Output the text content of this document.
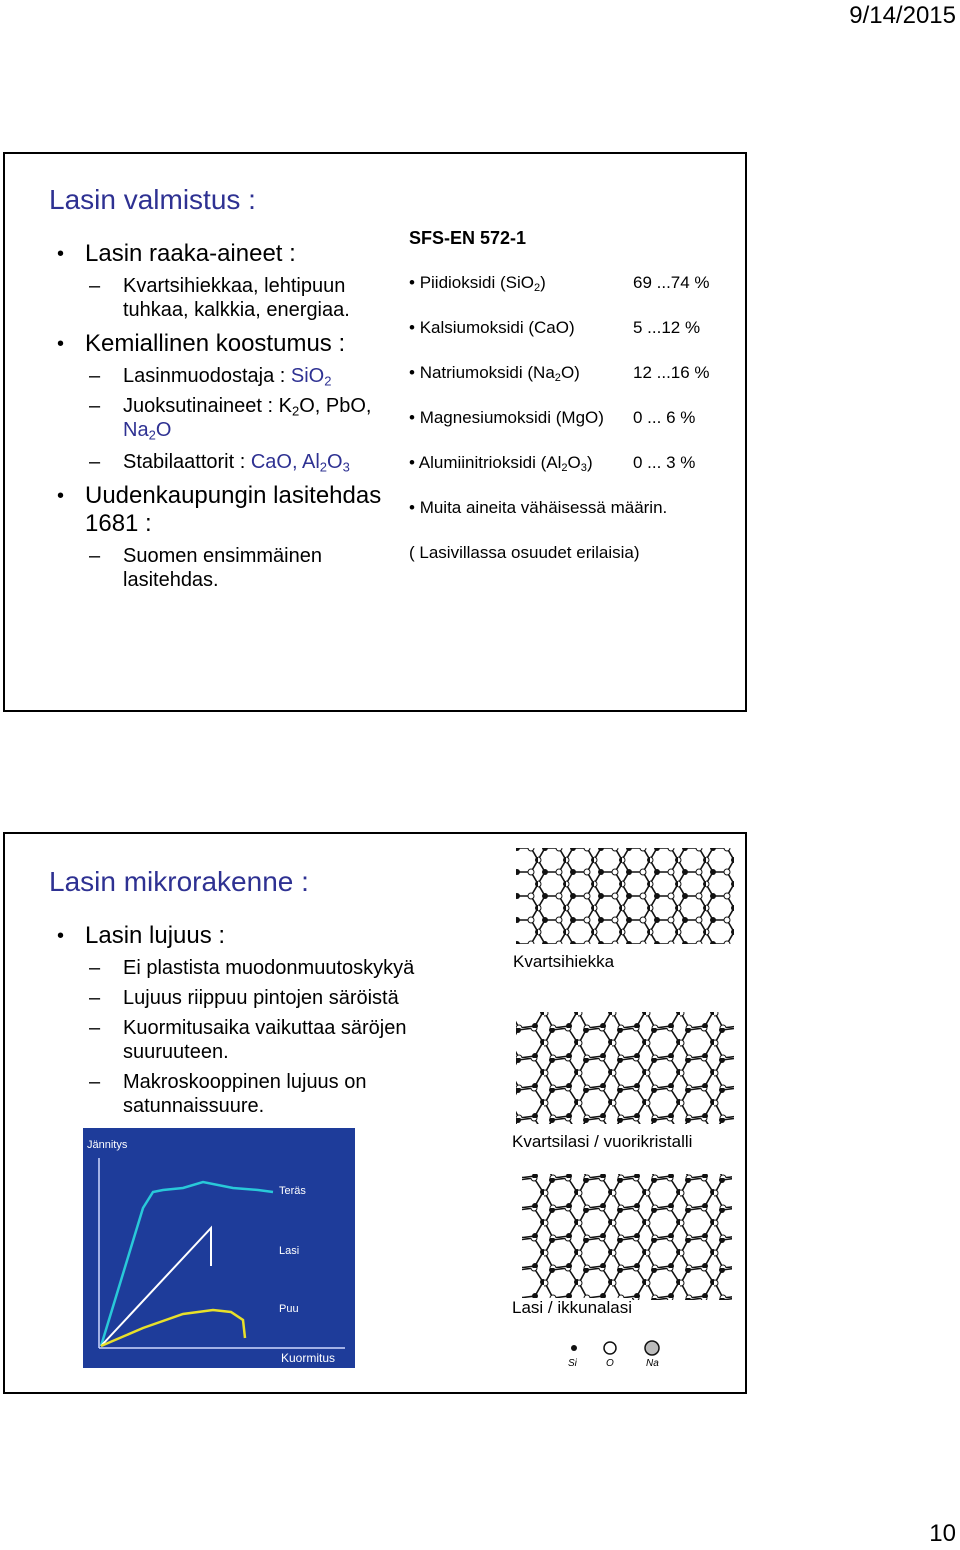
9/14/2015
Lasin valmistus :
• Lasin raaka-aineet :
– Kvartsihiekkaa, lehtipuun
tuhkaa, kalkkia, energiaa.
• Kemiallinen koostumus :
– Lasinmuodostaja : SiO$_2$
– Juoksutinaineet : $K_2O$, PbO,
$Na_2O$
– Stabilaattorit : CaO, $Al_2O_3$
• Uudenkaupungin lasitehdas
1681 :
– Suomen ensimmäinen
lasitehdas.
SFS-EN 572-1
• Piidioksidi (SiO$_2$)	69 ...74 %
• Kalsiumoksidi (CaO)	5 ...12 %
• Natriumoksidi $(Na_2O)$	12 ...16 %
• Magnesiumoksidi (MgO) 0 ... 6 %
• Alumiinitrioksidi $(Al_2O_3)$ 0 ... 3 %
• Muita aineita vähäisessä määrin.
( Lasivillassa osuudet erilaisia)
Lasin mikrorakenne :
• Lasin lujuus :
– Ei plastista muodonmuutoskykyä
– Lujuus riippuu pintojen säröistä
– Kuormitusaika vaikuttaa säröjen
suuruuteen.
– Makroskooppinen lujuus on
satunnaissuure.
Jännitys
Kuormitus
Teräs
Lasi
Puu
Si	O	Na
Kvartsihiekka
Kvartsilasi / vuorikristalli
Lasi / ikkunalasi
10
